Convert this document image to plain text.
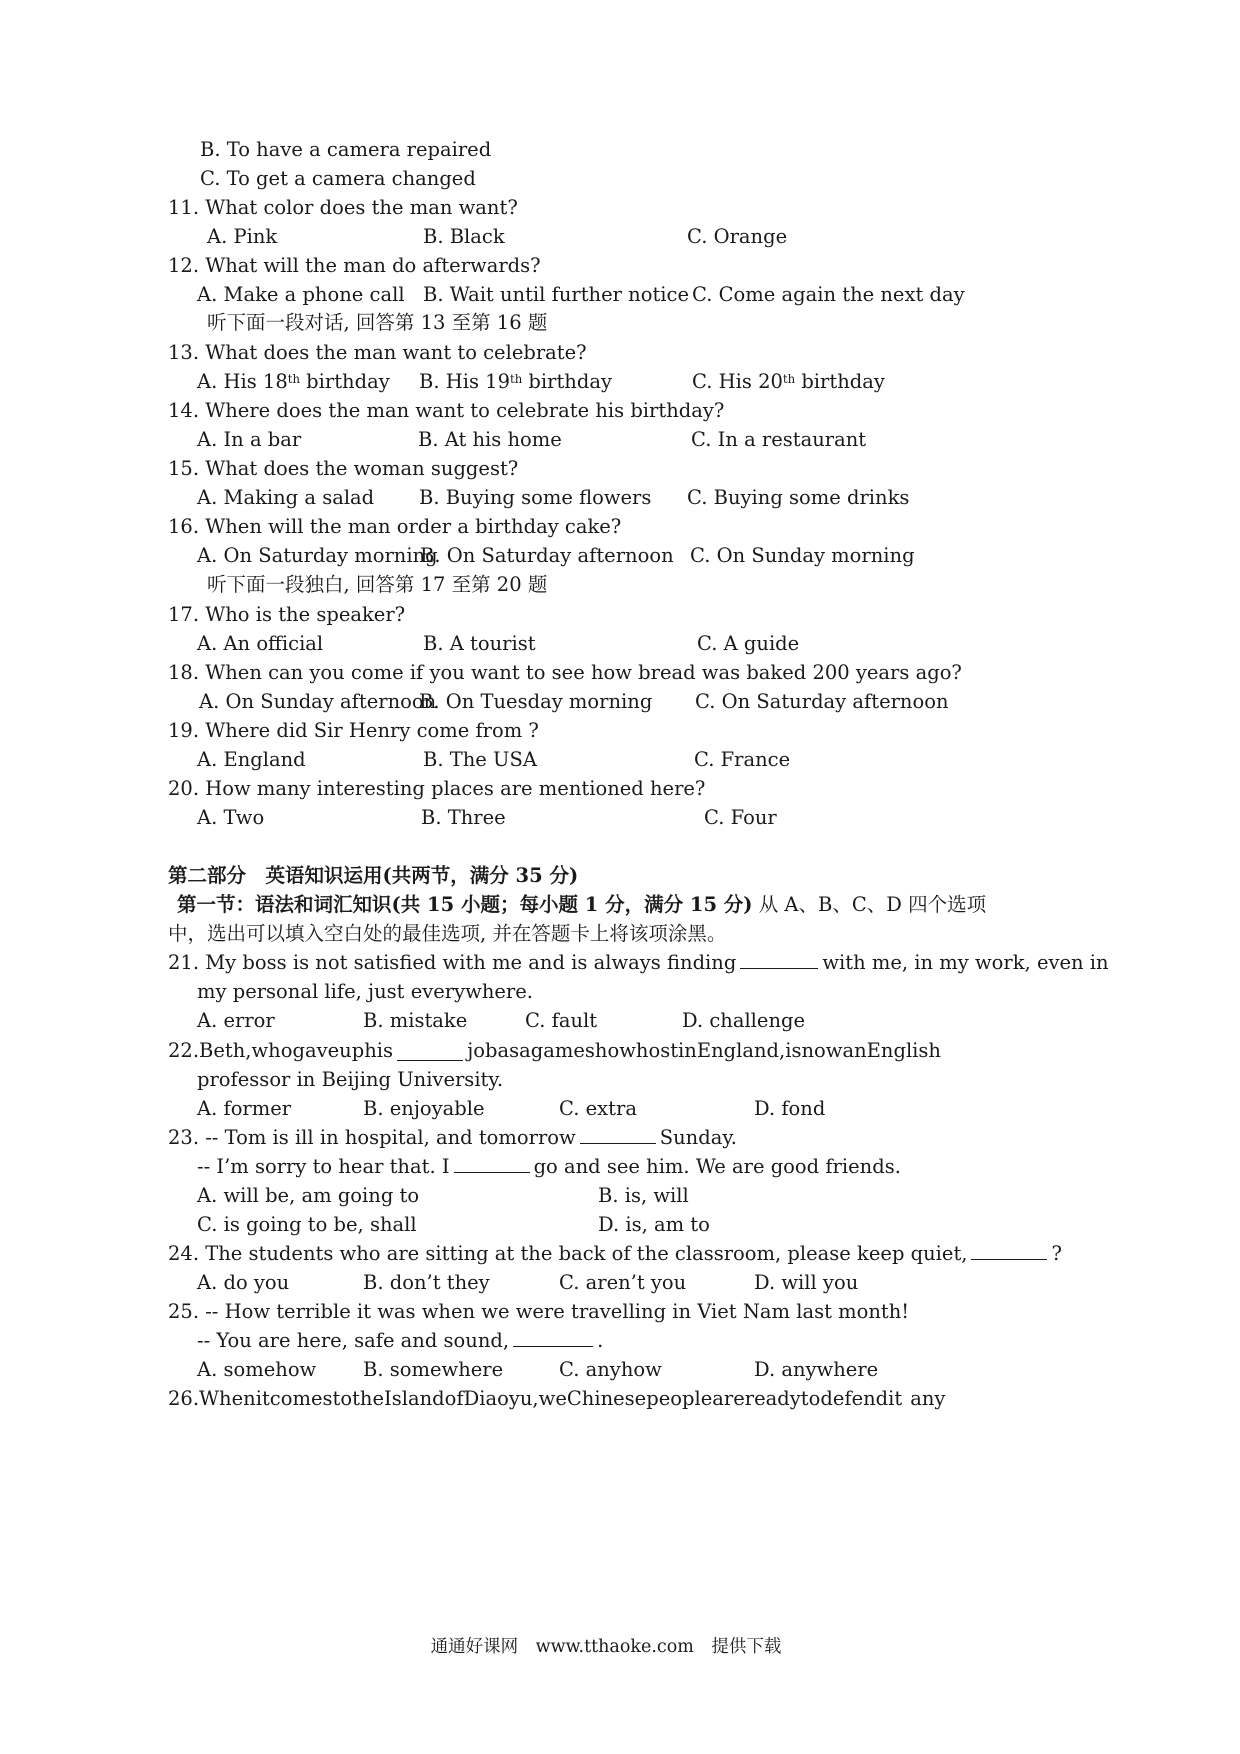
B. To have a camera repaired
C. To get a camera changed
11. What color does the man want?
A. Pink	B. Black	C. Orange
12. What will the man do afterwards?
A. Make a phone call B. Wait until further notice C. Come again the next day
听下面一段对话, 回答第 13 至第 16 题
13. What does the man want to celebrate?
A. His 18th birthday B. His 19th birthday	C. His 20th birthday
14. Where does the man want to celebrate his birthday?
A. In a bar	B. At his home	C. In a restaurant
15. What does the woman suggest?
A. Making a salad B. Buying some flowers C. Buying some drinks
16. When will the man order a birthday cake?
A. On Saturday morning
B. On Saturday afternoon C. On Sunday morning
听下面一段独白, 回答第 17 至第 20 题
17. Who is the speaker?
A. An official	B. A tourist	C. A guide
18. When can you come if you want to see how bread was baked 200 years ago?
A. On Sunday afternoon
B. On Tuesday morning C. On Saturday afternoon
19. Where did Sir Henry come from ?
A. England	B. The USA	C. France
20. How many interesting places are mentioned here?
A. Two	B. Three	C. Four
第二部分　英语知识运用(共两节，满分 35 分)
第一节：语法和词汇知识(共 15 小题；每小题 1 分，满分 15 分) 从 A、B、C、D 四个选项
中，选出可以填入空白处的最佳选项, 并在答题卡上将该项涂黑。
21. My boss is not satisfied with me and is always finding	with me, in my work, even in
my personal life, just everywhere.
A. error	B. mistake	C. fault	D. challenge
22. Beth, who gave up his	job as a game show host in England, is now an English
professor in Beijing University.
A. former	B. enjoyable	C. extra	D. fond
23. -- Tom is ill in hospital, and tomorrow	Sunday.
-- I’m sorry to hear that. I	go and see him. We are good friends.
A. will be, am going to	B. is, will
C. is going to be, shall	D. is, am to
24. The students who are sitting at the back of the classroom, please keep quiet,	?
A. do you	B. don’t they	C. aren’t you	D. will you
25. -- How terrible it was when we were travelling in Viet Nam last month!
-- You are here, safe and sound,	.
A. somehow B. somewhere	C. anyhow	D. anywhere
26. When it comes to the Island of Diaoyu, we Chinese people are ready to defend it any
通通好课网　www.tthaoke.com　提供下载
